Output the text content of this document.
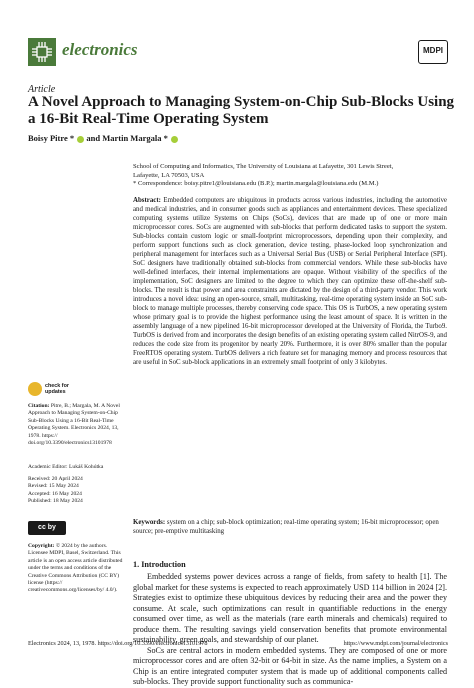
electronics	MDPI
Article
A Novel Approach to Managing System-on-Chip Sub-Blocks Using a 16-Bit Real-Time Operating System
Boisy Pitre * and Martin Margala *

School of Computing and Informatics, The University of Louisiana at Lafayette, 301 Lewis Street,

Lafayette, LA 70503, USA

* Correspondence: boisy.pitre1@louisiana.edu (B.P.); martin.margala@louisiana.edu (M.M.)

Abstract: Embedded computers are ubiquitous in products across various industries, including the automotive and medical industries, and in consumer goods such as appliances and entertainment devices. These specialized computing systems utilize Systems on Chips (SoCs), devices that are made up of one or more main microprocessor cores. SoCs are augmented with sub-blocks that perform dedicated tasks to support the system. Sub-blocks contain custom logic or small-footprint microprocessors, depending upon their complexity, and perform support functions such as clock generation, device testing, phase-locked loop synchronization and peripheral management for interfaces such as a Universal Serial Bus (USB) or Serial Peripheral Interface (SPI). SoC designers have traditionally obtained sub-blocks from commercial vendors. While these sub-blocks have well-defined interfaces, their internal implementations are opaque. Without visibility of the specifics of the implementation, SoC designers are limited to the degree to which they can optimize these off-the-shelf sub-blocks. The result is that power and area constraints are dictated by the design of a third-party vendor. This work introduces a novel idea: using an open-source, small, multitasking, real-time operating system inside an SoC sub-block to manage multiple processes, thereby conserving code space. This OS is TurbOS, a new operating system whose primary goal is to provide the highest performance using the least amount of space. It is written in the assembly language of a new pipelined 16-bit microprocessor developed at the University of Florida, the Turbo9. TurbOS is derived from and incorporates the design benefits of an existing operating system called NitrOS-9, and reduces the code size from its progenitor by nearly 20%. Furthermore, it is over 80% smaller than the popular FreeRTOS operating system. TurbOS delivers a rich feature set for managing memory and process resources that are useful in SoC sub-block applications in an extremely small footprint of only 3 kilobytes.
Keywords: system on a chip; sub-block optimization; real-time operating system; 16-bit microprocessor; open source; pre-emptive multitasking
check for
updates

Citation: Pitre, B.; Margala, M. A Novel Approach to Managing System-on-Chip Sub-Blocks Using a 16-Bit Real-Time Operating System. Electronics 2024, 13, 1978. https:// doi.org/10.3390/electronics13101978

Academic Editor: Lukáš Kohútka

Received: 20 April 2024

Revised: 15 May 2024

Accepted: 16 May 2024

Published: 18 May 2024

cc by

Copyright: © 2024 by the authors. Licensee MDPI, Basel, Switzerland. This article is an open access article distributed under the terms and conditions of the Creative Commons Attribution (CC BY) license (https:// creativecommons.org/licenses/by/ 4.0/).

1. Introduction

Embedded systems power devices across a range of fields, from safety to health [1]. The global market for these systems is expected to reach approximately USD 114 billion in 2024 [2]. Strategies exist to optimize these ubiquitous devices by reducing their area and the power they consume. At scale, such optimizations can result in quantifiable reductions in the energy consumed over time, as well as the materials (rare earth minerals and chemicals) required to produce them. The resulting savings yield conservation benefits that promote environmental sustainability, green goals, and stewardship of our planet.

SoCs are central actors in modern embedded systems. They are composed of one or more microprocessor cores and are often 32-bit or 64-bit in size. As the name implies, a System on a Chip is an entire integrated computer system that is made up of additional components called sub-blocks. They provide support functionality such as communica-

Electronics 2024, 13, 1978. https://doi.org/10.3390/electronics13101978	https://www.mdpi.com/journal/electronics
